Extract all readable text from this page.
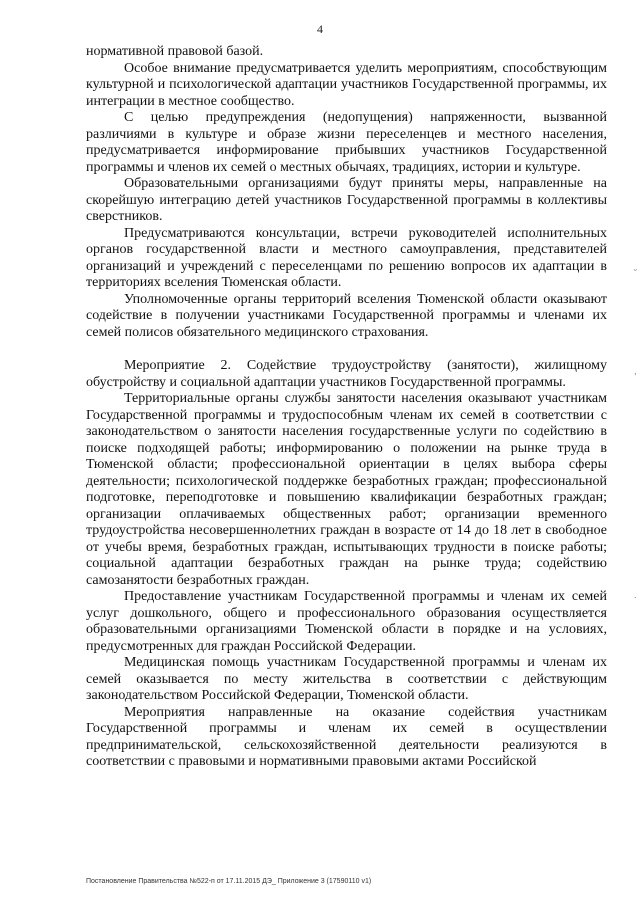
4

нормативной правовой базой.

Особое внимание предусматривается уделить мероприятиям, способствующим культурной и психологической адаптации участников Государственной программы, их интеграции в местное сообщество.

С целью предупреждения (недопущения) напряженности, вызванной различиями в культуре и образе жизни переселенцев и местного населения, предусматривается информирование прибывших участников Государственной программы и членов их семей о местных обычаях, традициях, истории и культуре.

Образовательными организациями будут приняты меры, направленные на скорейшую интеграцию детей участников Государственной программы в коллективы сверстников.

Предусматриваются консультации, встречи руководителей исполнительных органов государственной власти и местного самоуправления, представителей организаций и учреждений с переселенцами по решению вопросов их адаптации в территориях вселения Тюменская области.

Уполномоченные органы территорий вселения Тюменской области оказывают содействие в получении участниками Государственной программы и членами их семей полисов обязательного медицинского страхования.

Мероприятие 2. Содействие трудоустройству (занятости), жилищному обустройству и социальной адаптации участников Государственной программы.

Территориальные органы службы занятости населения оказывают участникам Государственной программы и трудоспособным членам их семей в соответствии с законодательством о занятости населения государственные услуги по содействию в поиске подходящей работы; информированию о положении на рынке труда в Тюменской области; профессиональной ориентации в целях выбора сферы деятельности; психологической поддержке безработных граждан; профессиональной подготовке, переподготовке и повышению квалификации безработных граждан; организации оплачиваемых общественных работ; организации временного трудоустройства несовершеннолетних граждан в возрасте от 14 до 18 лет в свободное от учебы время, безработных граждан, испытывающих трудности в поиске работы; социальной адаптации безработных граждан на рынке труда; содействию самозанятости безработных граждан.

Предоставление участникам Государственной программы и членам их семей услуг дошкольного, общего и профессионального образования осуществляется образовательными организациями Тюменской области в порядке и на условиях, предусмотренных для граждан Российской Федерации.

Медицинская помощь участникам Государственной программы и членам их семей оказывается по месту жительства в соответствии с действующим законодательством Российской Федерации, Тюменской области.

Мероприятия направленные на оказание содействия участникам Государственной программы и членам их семей в осуществлении предпринимательской, сельскохозяйственной деятельности реализуются в соответствии с правовыми и нормативными правовыми актами Российской

˘
,
.
Постановление Правительства №522-п от 17.11.2015 ДЭ_ Приложение 3 (17590110 v1)
